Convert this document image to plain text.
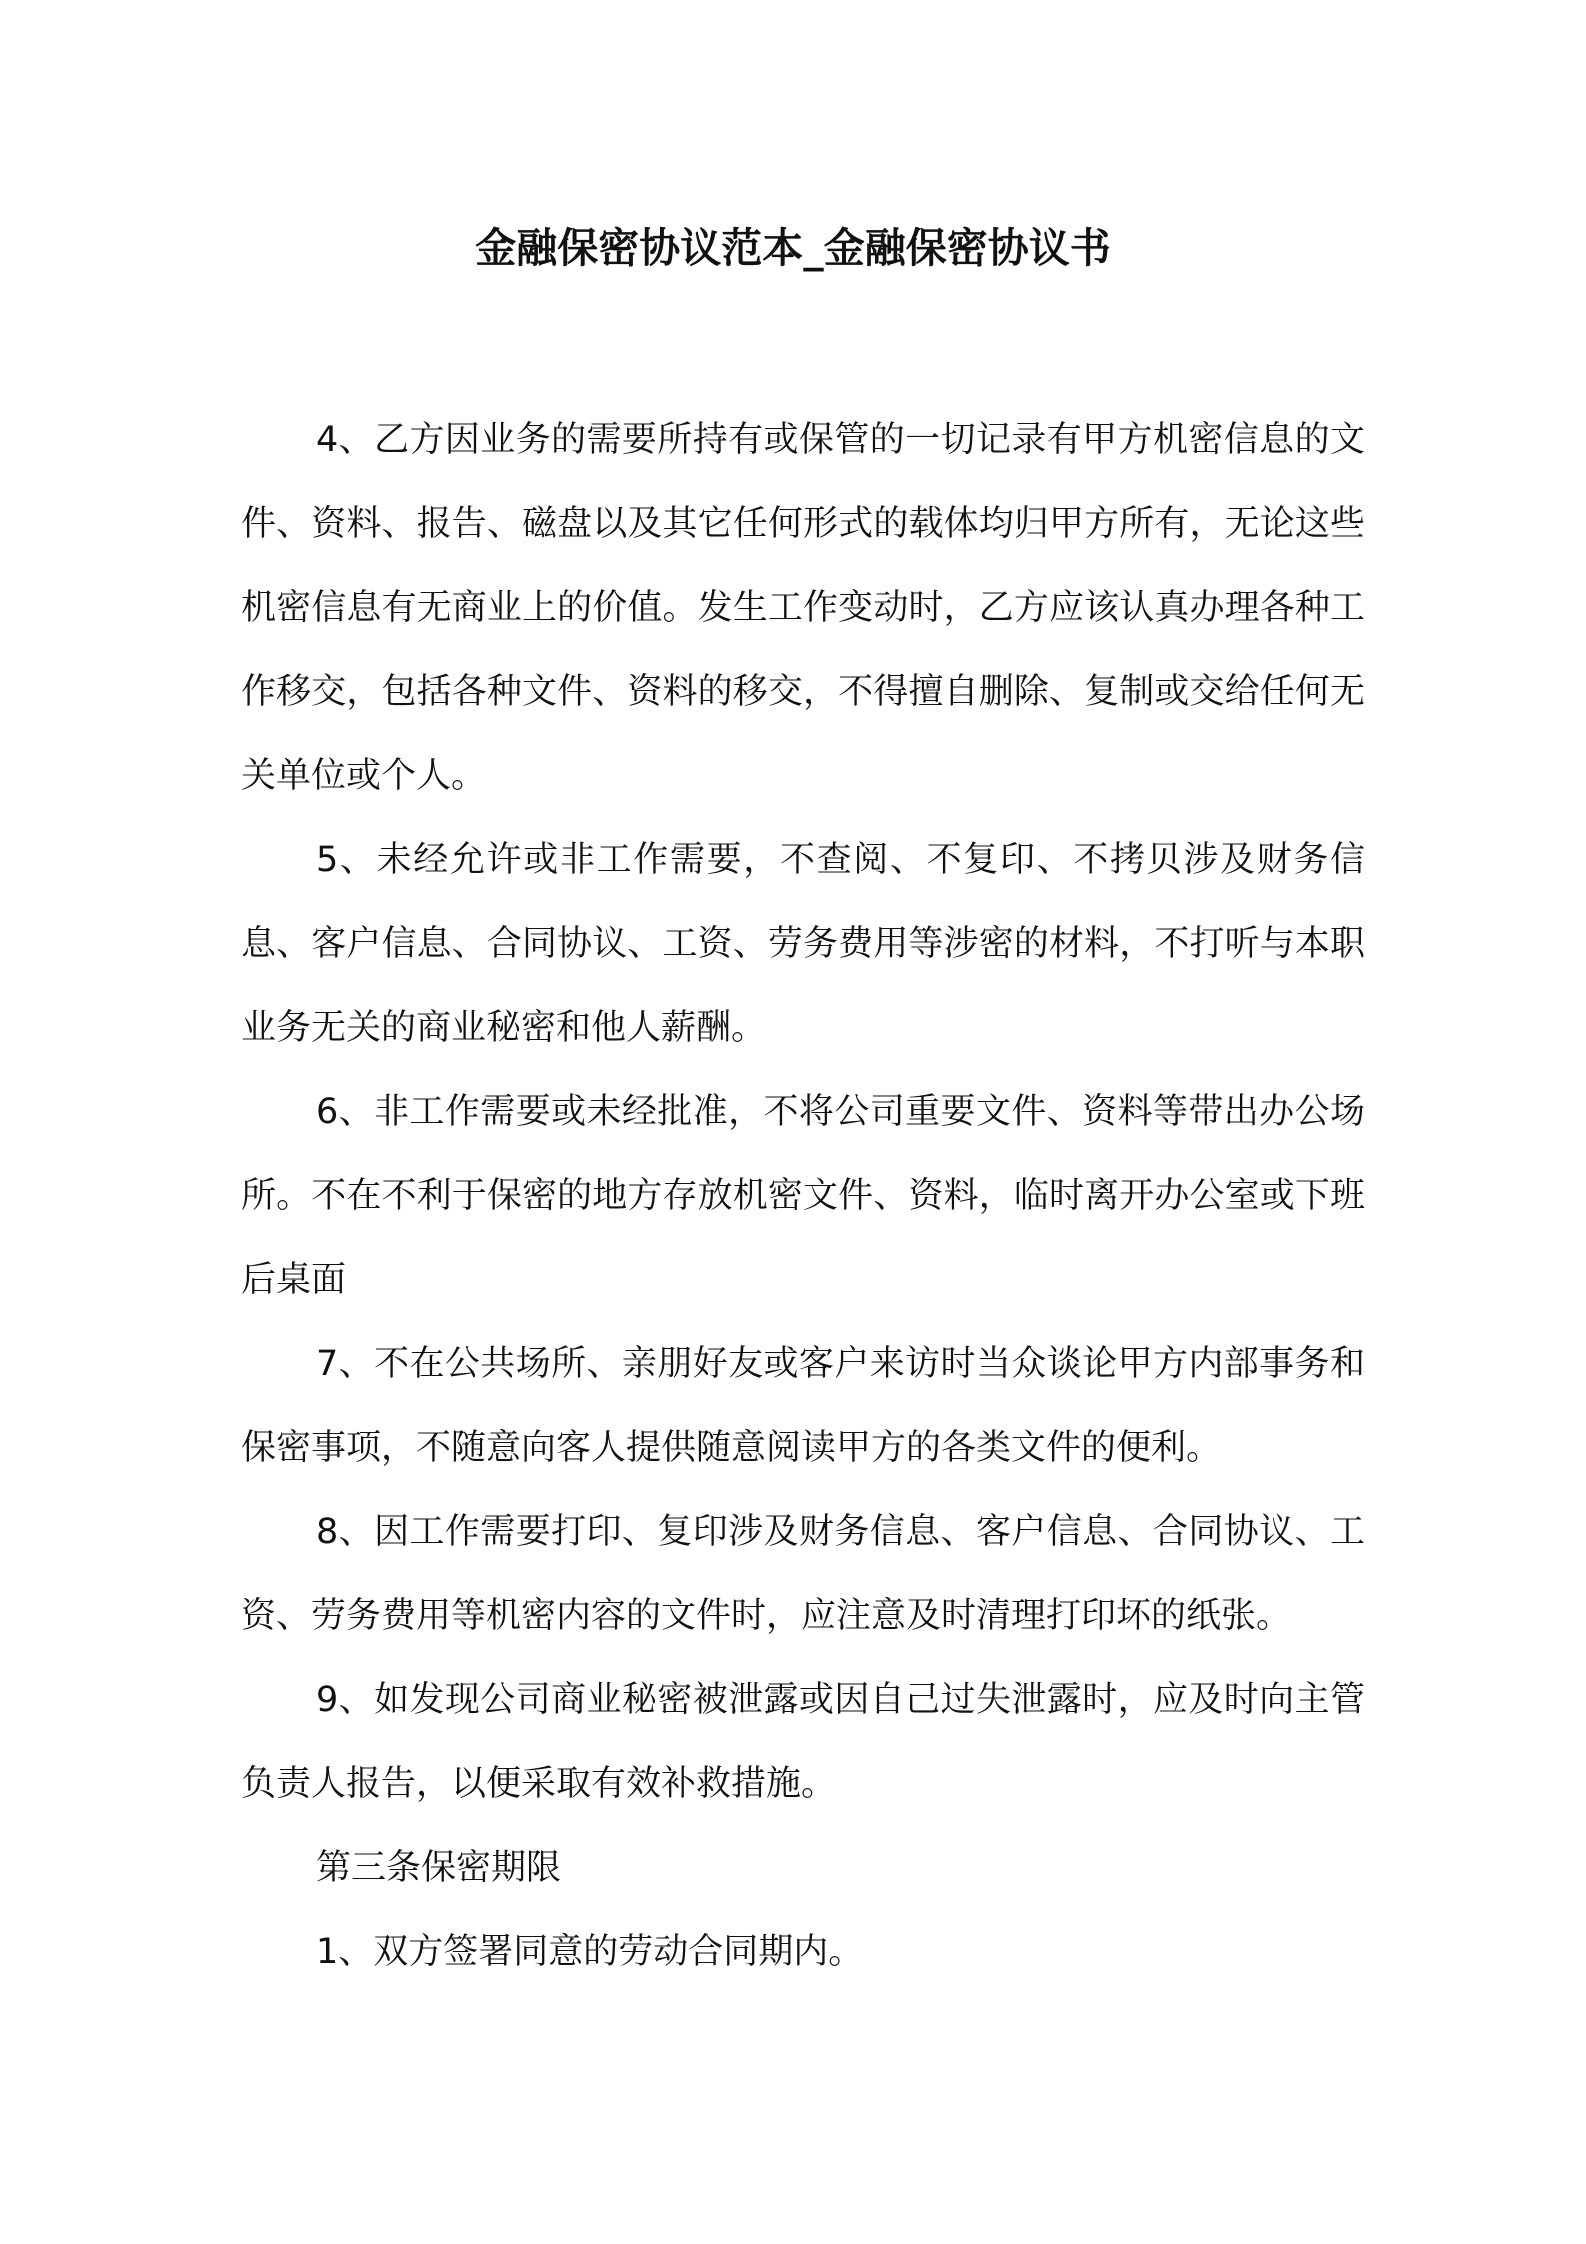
金融保密协议范本_金融保密协议书

4、乙方因业务的需要所持有或保管的一切记录有甲方机密信息的文件、资料、报告、磁盘以及其它任何形式的载体均归甲方所有，无论这些机密信息有无商业上的价值。发生工作变动时，乙方应该认真办理各种工作移交，包括各种文件、资料的移交，不得擅自删除、复制或交给任何无关单位或个人。

5、未经允许或非工作需要，不查阅、不复印、不拷贝涉及财务信息、客户信息、合同协议、工资、劳务费用等涉密的材料，不打听与本职业务无关的商业秘密和他人薪酬。

6、非工作需要或未经批准，不将公司重要文件、资料等带出办公场所。不在不利于保密的地方存放机密文件、资料，临时离开办公室或下班后桌面

7、不在公共场所、亲朋好友或客户来访时当众谈论甲方内部事务和保密事项，不随意向客人提供随意阅读甲方的各类文件的便利。

8、因工作需要打印、复印涉及财务信息、客户信息、合同协议、工资、劳务费用等机密内容的文件时，应注意及时清理打印坏的纸张。

9、如发现公司商业秘密被泄露或因自己过失泄露时，应及时向主管负责人报告，以便采取有效补救措施。

第三条保密期限

1、双方签署同意的劳动合同期内。
